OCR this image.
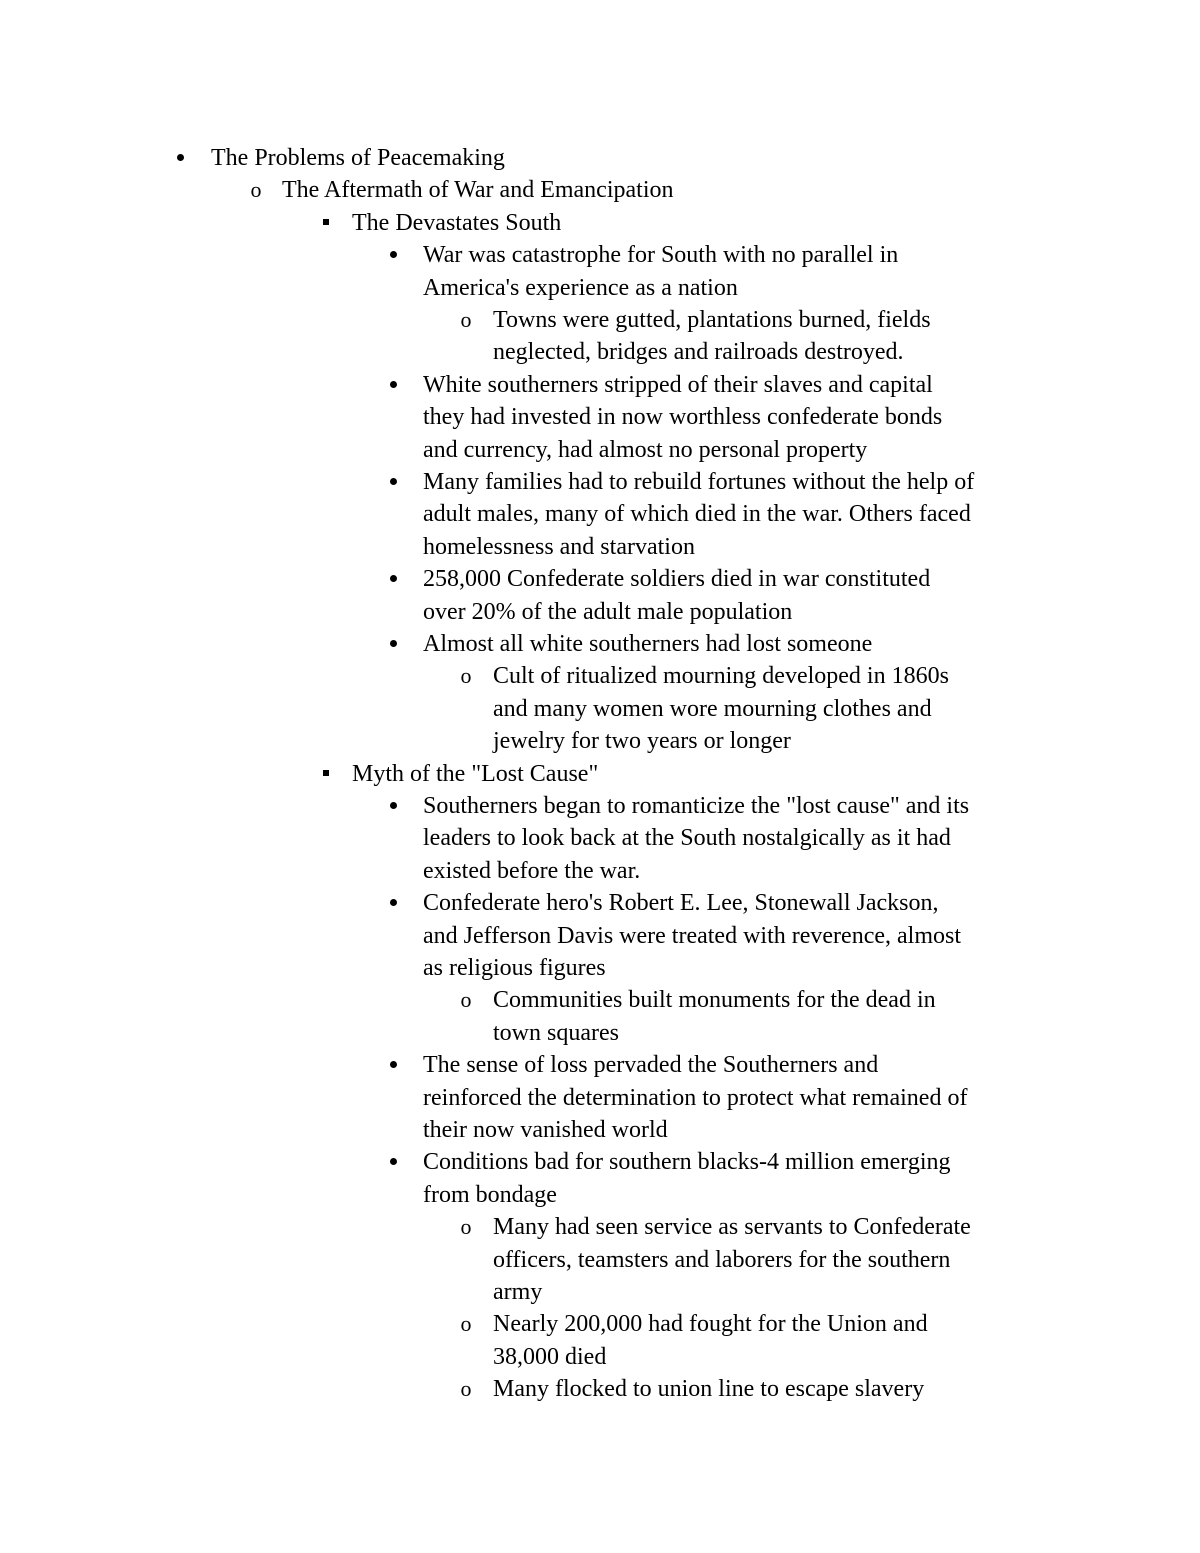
The Problems of Peacemaking
o The Aftermath of War and Emancipation
The Devastates South
War was catastrophe for South with no parallel in
America's experience as a nation
o Towns were gutted, plantations burned, fields
neglected, bridges and railroads destroyed.
White southerners stripped of their slaves and capital
they had invested in now worthless confederate bonds
and currency, had almost no personal property
Many families had to rebuild fortunes without the help of
adult males, many of which died in the war. Others faced
homelessness and starvation
258,000 Confederate soldiers died in war constituted
over 20% of the adult male population
Almost all white southerners had lost someone
o Cult of ritualized mourning developed in 1860s
and many women wore mourning clothes and
jewelry for two years or longer
Myth of the "Lost Cause"
Southerners began to romanticize the "lost cause" and its
leaders to look back at the South nostalgically as it had
existed before the war.
Confederate hero's Robert E. Lee, Stonewall Jackson,
and Jefferson Davis were treated with reverence, almost
as religious figures
o Communities built monuments for the dead in
town squares
The sense of loss pervaded the Southerners and
reinforced the determination to protect what remained of
their now vanished world
Conditions bad for southern blacks-4 million emerging
from bondage
o Many had seen service as servants to Confederate
officers, teamsters and laborers for the southern
army
o Nearly 200,000 had fought for the Union and
38,000 died
o Many flocked to union line to escape slavery
